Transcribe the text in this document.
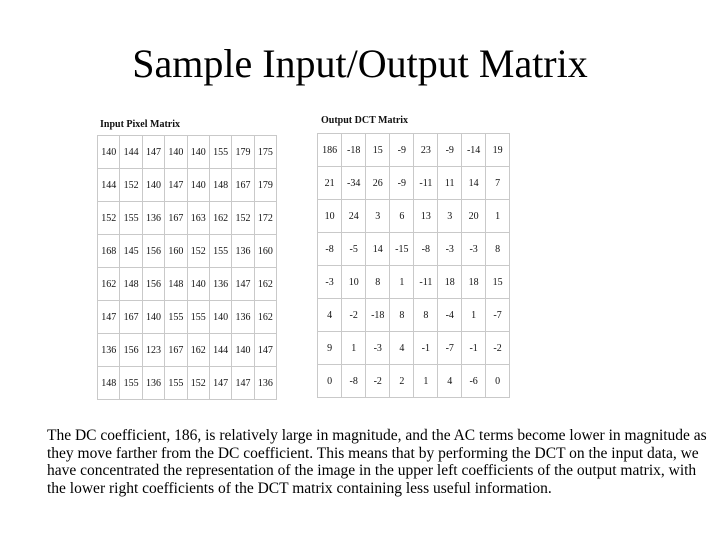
Sample Input/Output Matrix
Input Pixel Matrix	Output DCT Matrix
140	144	147	140	140	155	179	175
144	152	140	147	140	148	167	179
152	155	136	167	163	162	152	172
168	145	156	160	152	155	136	160
162	148	156	148	140	136	147	162
147	167	140	155	155	140	136	162
136	156	123	167	162	144	140	147
148	155	136	155	152	147	147	136
186	-18	15	-9	23	-9	-14	19
21	-34	26	-9	-11	11	14	7
10	24	3	6	13	3	20	1
-8	-5	14	-15	-8	-3	-3	8
-3	10	8	1	-11	18	18	15
4	-2	-18	8	8	-4	1	-7
9	1	-3	4	-1	-7	-1	-2
0	-8	-2	2	1	4	-6	0
The DC coefficient, 186, is relatively large in magnitude, and the AC terms become lower in magnitude as they move farther from the DC coefficient. This means that by performing the DCT on the input data, we have concentrated the representation of the image in the upper left coefficients of the output matrix, with the lower right coefficients of the DCT matrix containing less useful information.
